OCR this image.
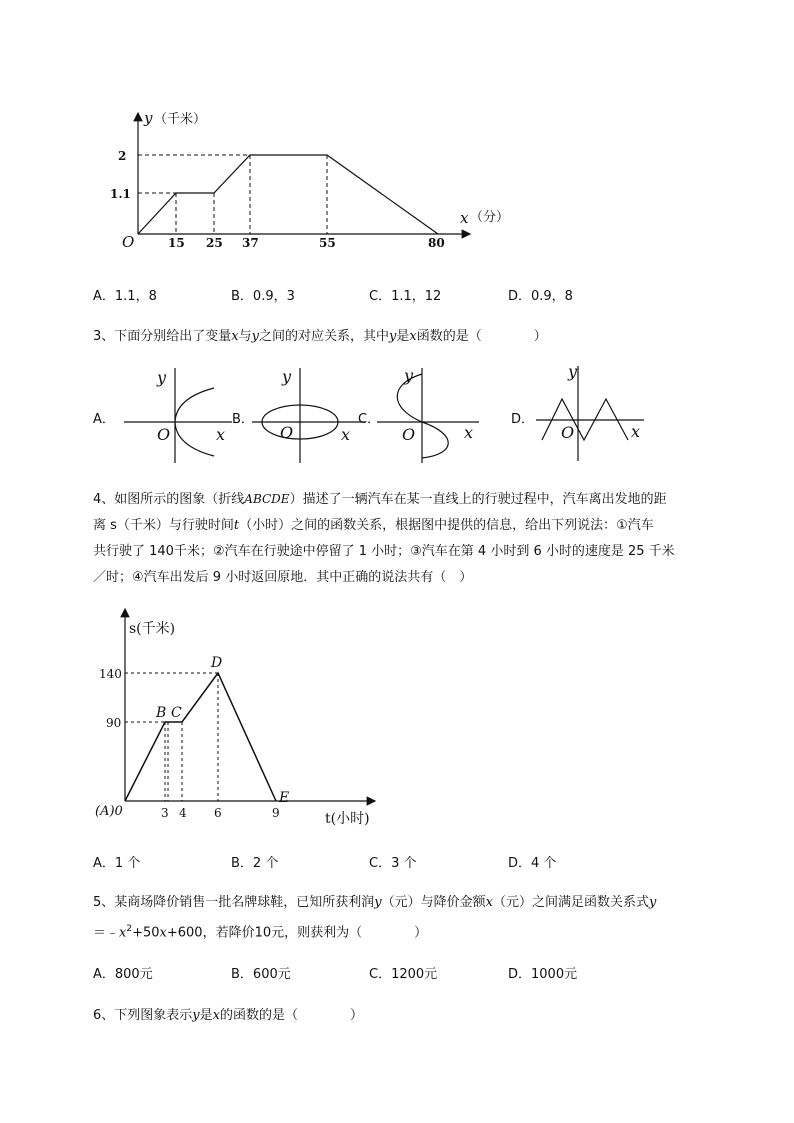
y （千米）
x （分）
O
2
1.1
15 25 37	55	80
A．1.1，8	B．0.9，3	C．1.1，12	D．0.9，8
3、下面分别给出了变量x与y之间的对应关系，其中y是x函数的是（　　　　）
A．	B．	C．	D．
y
O	x
y
O	x
y
O	x
y
O	x
4、如图所示的图象（折线ABCDE）描述了一辆汽车在某一直线上的行驶过程中，汽车离出发地的距
离 s（千米）与行驶时间t（小时）之间的函数关系，根据图中提供的信息，给出下列说法：①汽车
共行驶了 140千米；②汽车在行驶途中停留了 1 小时；③汽车在第 4 小时到 6 小时的速度是 25 千米
／时；④汽车出发后 9 小时返回原地．其中正确的说法共有（　）
s(千米)
t(小时)
140
90
(A)0	3 4 6	9
B C
D
E
A．1 个	B．2 个	C．3 个	D．4 个
5、某商场降价销售一批名牌球鞋，已知所获利润y（元）与降价金额x（元）之间满足函数关系式y
$=﹣x^2+50x+600$，若降价10元，则获利为（　　　　）
A．800元	B．600元	C．1200元	D．1000元
6、下列图象表示y是x的函数的是（　　　　）
